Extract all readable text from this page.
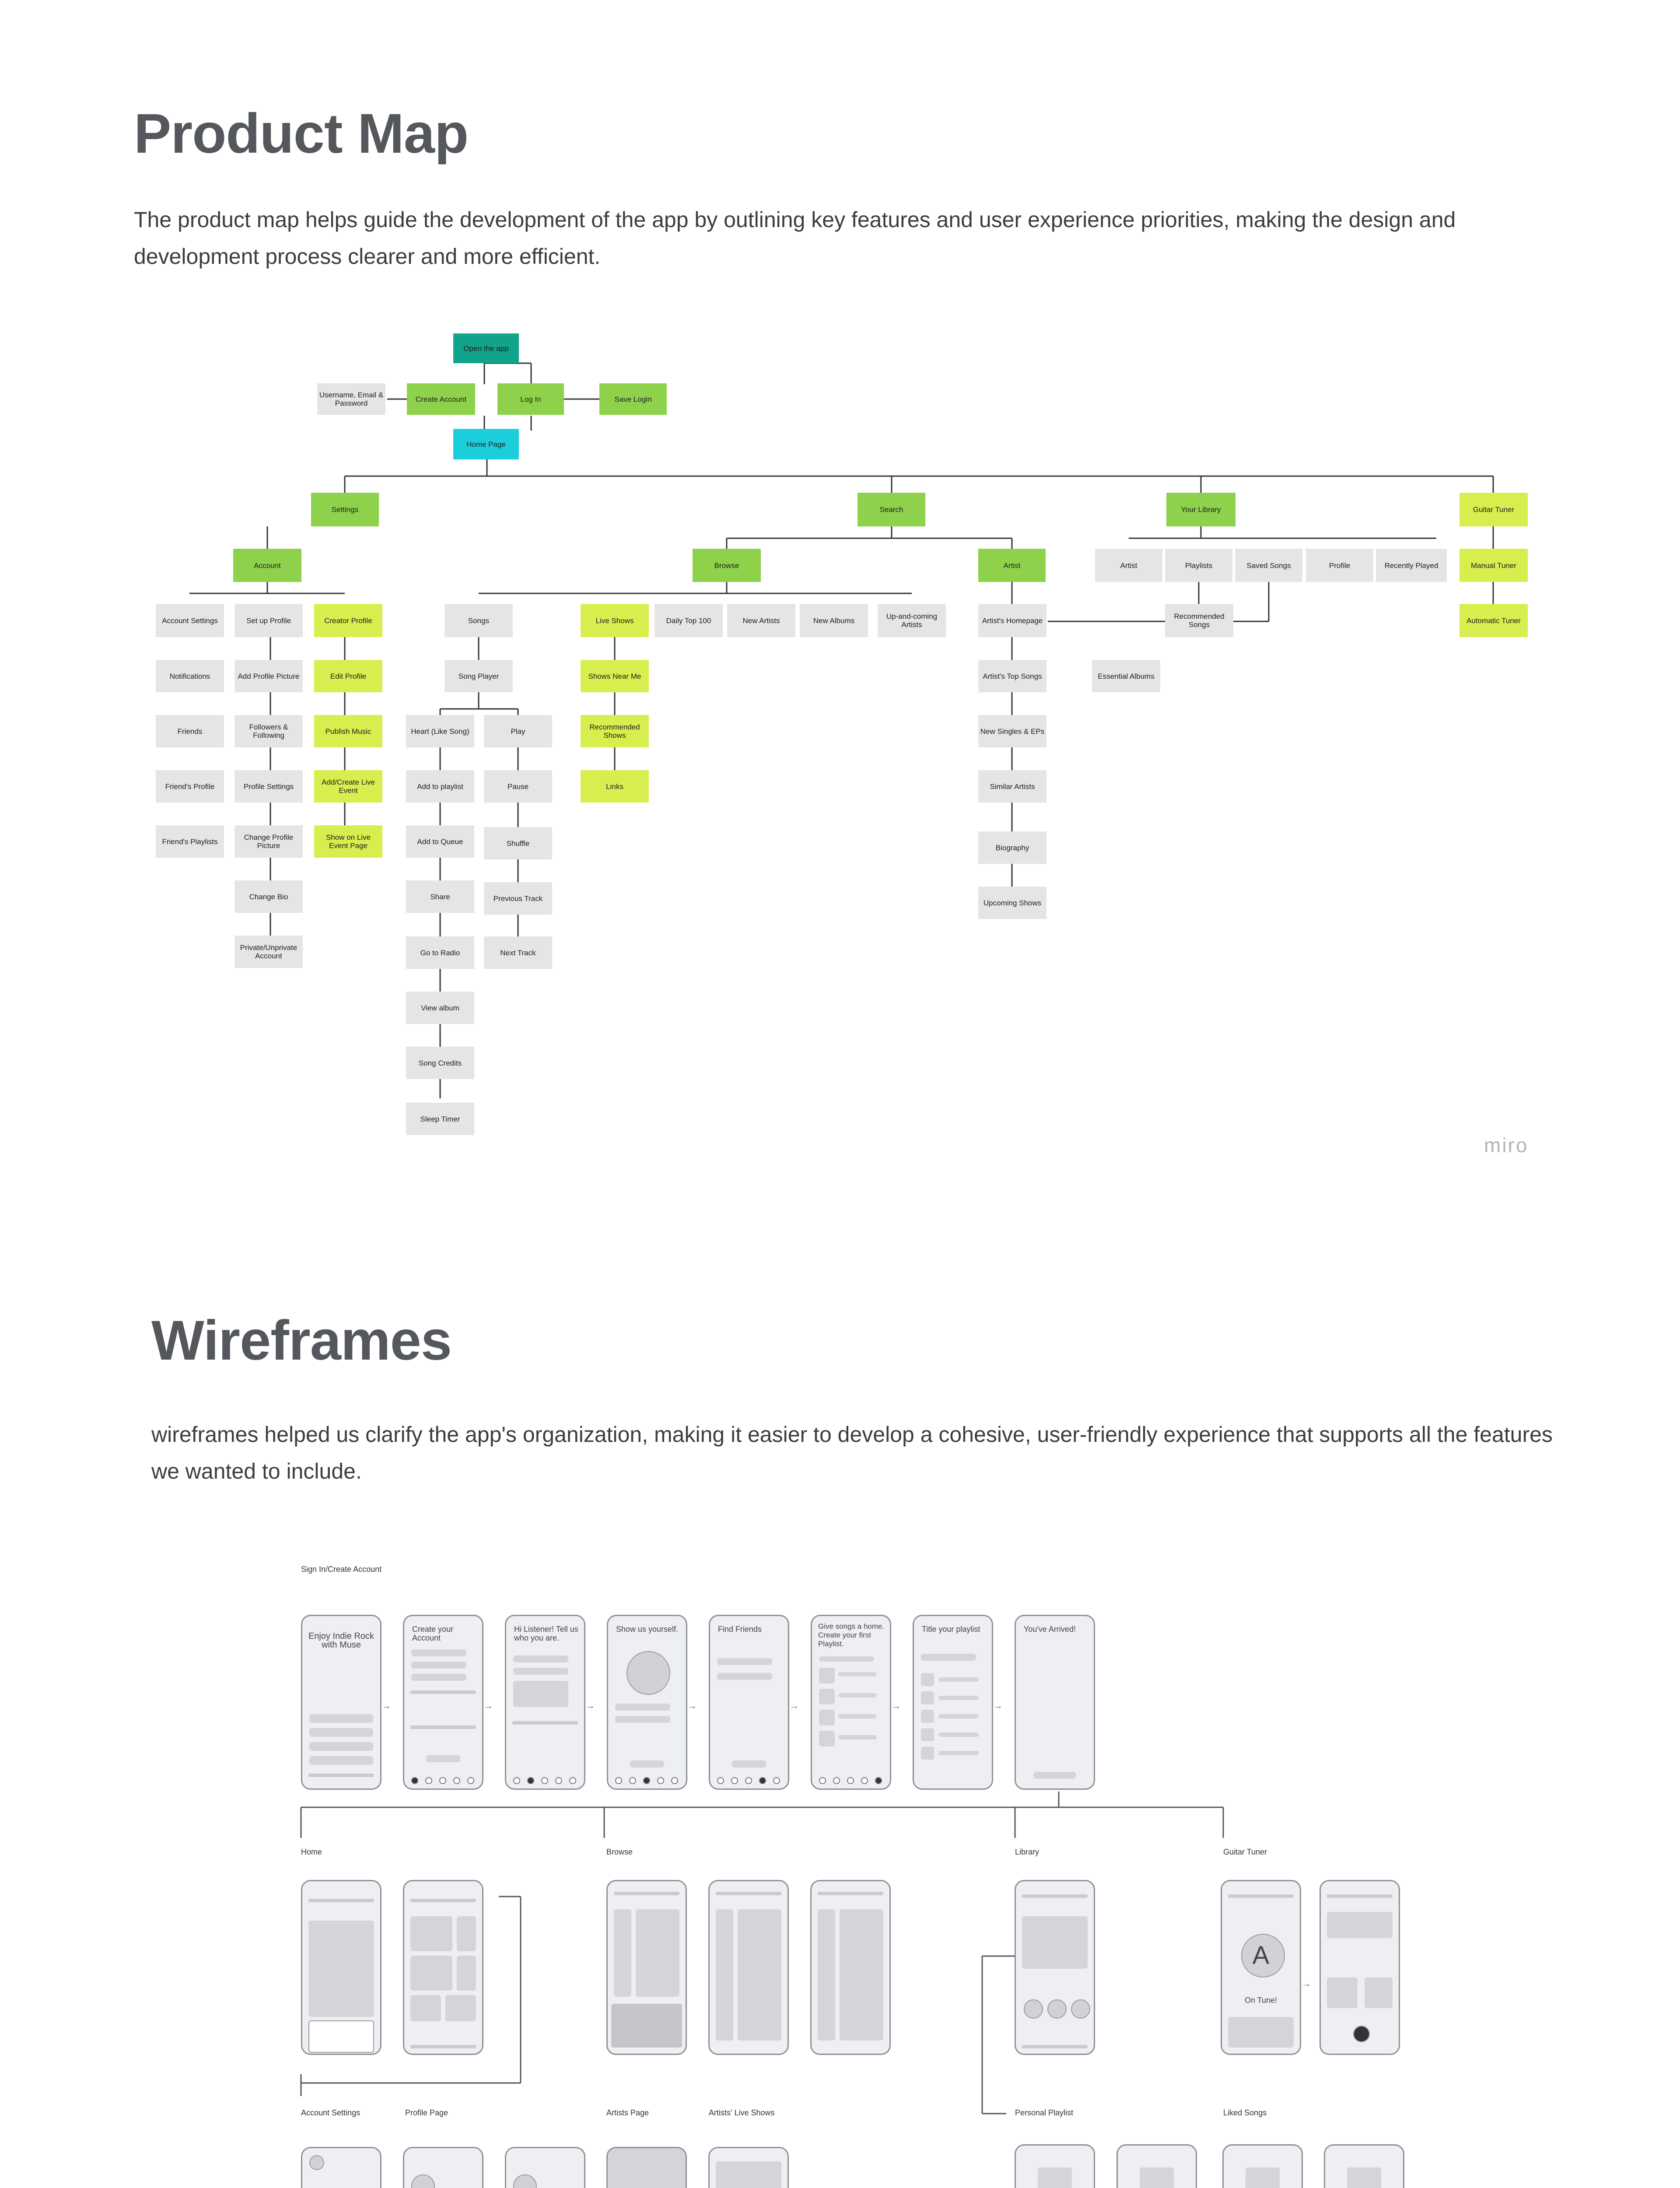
Product Map
The product map helps guide the development of the app by outlining key features and user experience priorities, making the design and development process clearer and more efficient.
Open the app
Username, Email & Password	Create Account	Log In	Save Login
Home Page
Settings	Search	Your Library	Guitar Tuner
Account	Browse	Artist	Artist	Playlists	Saved Songs	Profile	Recently Played	Manual Tuner
Automatic Tuner
Account Settings	Set up Profile	Creator Profile
Notifications	Add Profile Picture	Edit Profile
Friends	Followers & Following	Publish Music
Friend's Profile	Profile Settings	Add/Create Live Event
Friend's Playlists	Change Profile Picture
Show on Live Event Page
Change Bio
Private/Unprivate Account
Songs	Live Shows	Daily Top 100	New Artists	New Albums	Up-and-coming Artists
Song Player	Shows Near Me
Recommended Shows
Links
Heart (Like Song)	Play
Add to playlist	Pause
Add to Queue	Shuffle
Share	Previous Track
Go to Radio	Next Track
View album
Song Credits
Sleep Timer
Artist's Homepage
Artist's Top Songs	Essential Albums
New Singles & EPs
Similar Artists
Biography
Upcoming Shows
Recommended Songs
miro
Wireframes
wireframes helped us clarify the app's organization, making it easier to develop a cohesive, user-friendly experience that supports all the features we wanted to include.
→	→	→	→	→	→	→
→
Sign In/Create Account
Home	Browse	Library	Guitar Tuner
Account Settings	Profile Page	Artists Page	Artists' Live Shows	Personal Playlist	Liked Songs
Enjoy Indie Rock with Muse
Create your Account
Hi Listener! Tell us who you are.
Show us yourself.	Find Friends	Give songs a home. Create your first Playlist.
Title your playlist	You've Arrived!
A
On Tune!
